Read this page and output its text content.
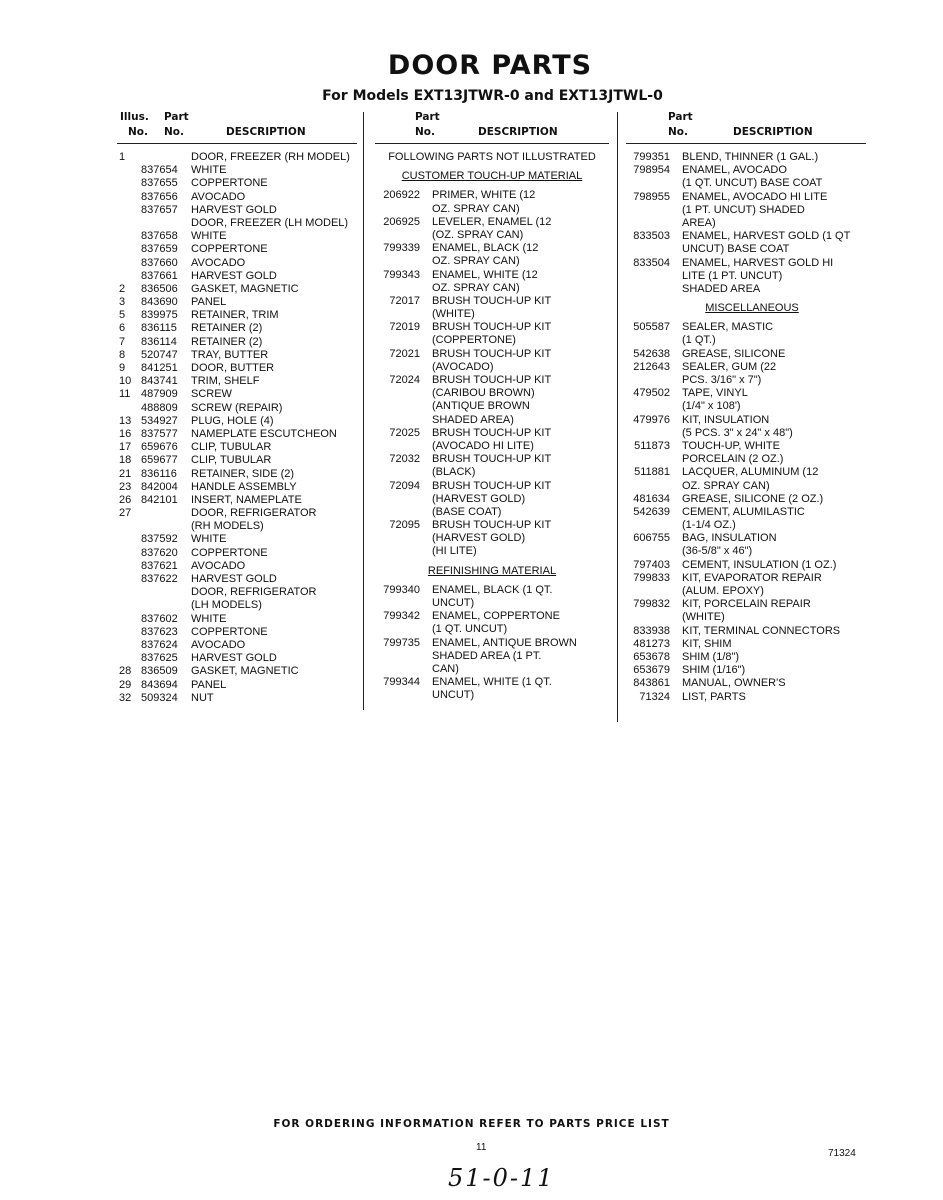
DOOR PARTS
For Models EXT13JTWR-0 and EXT13JTWL-0
Illus. Part
No. No.	DESCRIPTION
Part
No.	DESCRIPTION
Part
No.	DESCRIPTION
1	DOOR, FREEZER (RH MODEL)
837654 WHITE
837655 COPPERTONE
837656 AVOCADO
837657 HARVEST GOLD
DOOR, FREEZER (LH MODEL)
837658 WHITE
837659 COPPERTONE
837660 AVOCADO
837661 HARVEST GOLD
2	836506 GASKET, MAGNETIC
3	843690 PANEL
5	839975 RETAINER, TRIM
6	836115 RETAINER (2)
7	836114 RETAINER (2)
8	520747 TRAY, BUTTER
9	841251 DOOR, BUTTER
10 843741 TRIM, SHELF
11 487909 SCREW
488809 SCREW (REPAIR)
13 534927 PLUG, HOLE (4)
16 837577 NAMEPLATE ESCUTCHEON
17 659676 CLIP, TUBULAR
18 659677 CLIP, TUBULAR
21 836116 RETAINER, SIDE (2)
23 842004 HANDLE ASSEMBLY
26 842101 INSERT, NAMEPLATE
27	DOOR, REFRIGERATOR
(RH MODELS)
837592 WHITE
837620 COPPERTONE
837621 AVOCADO
837622 HARVEST GOLD
DOOR, REFRIGERATOR
(LH MODELS)
837602 WHITE
837623 COPPERTONE
837624 AVOCADO
837625 HARVEST GOLD
28 836509 GASKET, MAGNETIC
29 843694 PANEL
32 509324 NUT
FOLLOWING PARTS NOT ILLUSTRATED
CUSTOMER TOUCH-UP MATERIAL
206922 PRIMER, WHITE (12
OZ. SPRAY CAN)
206925 LEVELER, ENAMEL (12
(OZ. SPRAY CAN)
799339 ENAMEL, BLACK (12
OZ. SPRAY CAN)
799343 ENAMEL, WHITE (12
OZ. SPRAY CAN)
72017 BRUSH TOUCH-UP KIT
(WHITE)
72019 BRUSH TOUCH-UP KIT
(COPPERTONE)
72021 BRUSH TOUCH-UP KIT
(AVOCADO)
72024 BRUSH TOUCH-UP KIT
(CARIBOU BROWN)
(ANTIQUE BROWN
SHADED AREA)
72025 BRUSH TOUCH-UP KIT
(AVOCADO HI LITE)
72032 BRUSH TOUCH-UP KIT
(BLACK)
72094 BRUSH TOUCH-UP KIT
(HARVEST GOLD)
(BASE COAT)
72095 BRUSH TOUCH-UP KIT
(HARVEST GOLD)
(HI LITE)
REFINISHING MATERIAL
799340 ENAMEL, BLACK (1 QT.
UNCUT)
799342 ENAMEL, COPPERTONE
(1 QT. UNCUT)
799735 ENAMEL, ANTIQUE BROWN
SHADED AREA (1 PT.
CAN)
799344 ENAMEL, WHITE (1 QT.
UNCUT)
799351 BLEND, THINNER (1 GAL.)
798954 ENAMEL, AVOCADO
(1 QT. UNCUT) BASE COAT
798955 ENAMEL, AVOCADO HI LITE
(1 PT. UNCUT) SHADED
AREA)
833503 ENAMEL, HARVEST GOLD (1 QT
UNCUT) BASE COAT
833504 ENAMEL, HARVEST GOLD HI
LITE (1 PT. UNCUT)
SHADED AREA
MISCELLANEOUS
505587 SEALER, MASTIC
(1 QT.)
542638 GREASE, SILICONE
212643 SEALER, GUM (22
PCS. 3/16" x 7")
479502 TAPE, VINYL
(1/4" x 108')
479976 KIT, INSULATION
(5 PCS. 3" x 24" x 48")
511873 TOUCH-UP, WHITE
PORCELAIN (2 OZ.)
511881 LACQUER, ALUMINUM (12
OZ. SPRAY CAN)
481634 GREASE, SILICONE (2 OZ.)
542639 CEMENT, ALUMILASTIC
(1-1/4 OZ.)
606755 BAG, INSULATION
(36-5/8" x 46")
797403 CEMENT, INSULATION (1 OZ.)
799833 KIT, EVAPORATOR REPAIR
(ALUM. EPOXY)
799832 KIT, PORCELAIN REPAIR
(WHITE)
833938 KIT, TERMINAL CONNECTORS
481273 KIT, SHIM
653678 SHIM (1/8")
653679 SHIM (1/16")
843861 MANUAL, OWNER'S
71324 LIST, PARTS
FOR ORDERING INFORMATION REFER TO PARTS PRICE LIST
11
71324
51-0-11
